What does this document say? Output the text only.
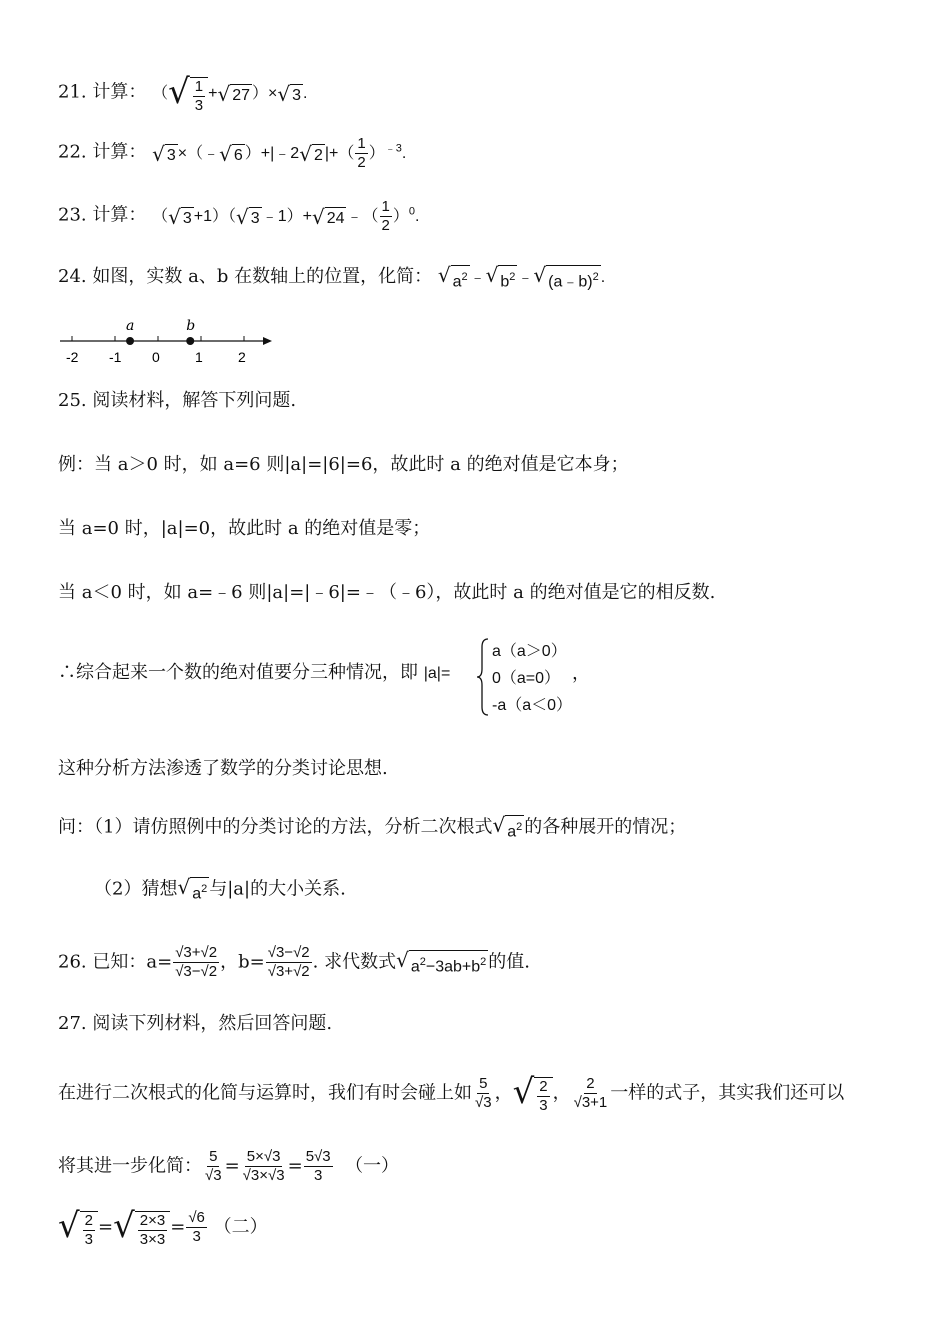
21. 计算： （ √ $\frac{1}{3}$ + √ 27 ）× √ 3 .
22. 计算： √ 3 ×（﹣ √ 6 ）+|﹣2 √ 2 |+（ $\frac{1}{2} )^{﹣3}$.
23. 计算： （ √ 3 +1）（ √ 3 ﹣1）+ √ 24 ﹣（ $\frac{1}{2} )^0$.
24. 如图，实数 a、b 在数轴上的位置，化简： √ $a^2$ ﹣ √ $b^2$ ﹣ √ (a﹣b)$^2$ .
-2 -1 0	1	2
a	b
25. 阅读材料，解答下列问题.
例：当 a＞0 时，如 a=6 则|a|=|6|=6，故此时 a 的绝对值是它本身；
当 a=0 时，|a|=0，故此时 a 的绝对值是零；
当 a＜0 时，如 a=﹣6 则|a|=|﹣6|=﹣（﹣6），故此时 a 的绝对值是它的相反数.
∴综合起来一个数的绝对值要分三种情况，即 |a|=
a（a＞0）
0（a=0）
-a（a＜0）
，
这种分析方法渗透了数学的分类讨论思想.
问：（1）请仿照例中的分类讨论的方法，分析二次根式 √ $a^2$ 的各种展开的情况；
（2）猜想 √ $a^2$ 与|a|的大小关系.
26. 已知：$a= \frac{√3+√2}{√3-√2}$ ，$b= \frac{√3-√2}{√3+√2}$ . 求代数式 √ $a^2-3ab+b^2$ 的值.
27. 阅读下列材料，然后回答问题.
在进行二次根式的化简与运算时，我们有时会碰上如 $\frac{5}{√3}$ ， √ $\frac{2}{3}$ ， $\frac{2}{√3+1}$ 一样的式子，其实我们还可以
将其进一步化简： $\frac{5}{√3} = \frac{5\times√3}{√3\times√3} = \frac{5√3}{3}$ （一）
√ $\frac{2}{3}$ = √ $\frac{2\times 3}{3\times 3} = \frac{√6}{3}$ （二）
